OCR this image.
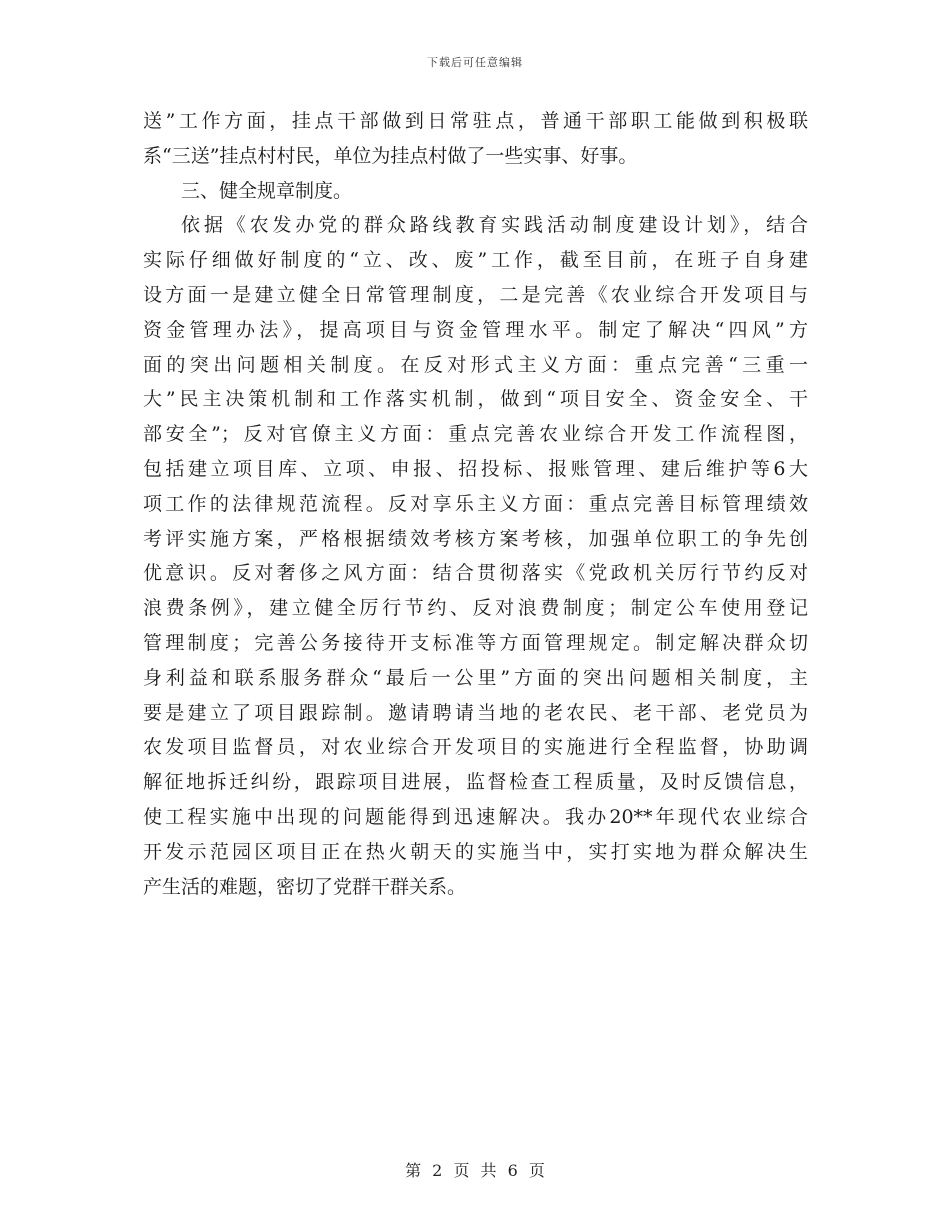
下载后可任意编辑
送”工作方面，挂点干部做到日常驻点，普通干部职工能做到积极联
系“三送”挂点村村民，单位为挂点村做了一些实事、好事。
三、健全规章制度。
依据《农发办党的群众路线教育实践活动制度建设计划》，结合
实际仔细做好制度的“立、改、废”工作，截至目前，在班子自身建
设方面一是建立健全日常管理制度，二是完善《农业综合开发项目与
资金管理办法》，提高项目与资金管理水平。制定了解决“四风”方
面的突出问题相关制度。在反对形式主义方面：重点完善“三重一
大”民主决策机制和工作落实机制，做到“项目安全、资金安全、干
部安全”；反对官僚主义方面：重点完善农业综合开发工作流程图，
包括建立项目库、立项、申报、招投标、报账管理、建后维护等6大
项工作的法律规范流程。反对享乐主义方面：重点完善目标管理绩效
考评实施方案，严格根据绩效考核方案考核，加强单位职工的争先创
优意识。反对奢侈之风方面：结合贯彻落实《党政机关厉行节约反对
浪费条例》，建立健全厉行节约、反对浪费制度；制定公车使用登记
管理制度；完善公务接待开支标准等方面管理规定。制定解决群众切
身利益和联系服务群众“最后一公里”方面的突出问题相关制度，主
要是建立了项目跟踪制。邀请聘请当地的老农民、老干部、老党员为
农发项目监督员，对农业综合开发项目的实施进行全程监督，协助调
解征地拆迁纠纷，跟踪项目进展，监督检查工程质量，及时反馈信息，
使工程实施中出现的问题能得到迅速解决。我办20**年现代农业综合
开发示范园区项目正在热火朝天的实施当中，实打实地为群众解决生
产生活的难题，密切了党群干群关系。
第 2 页 共 6 页
